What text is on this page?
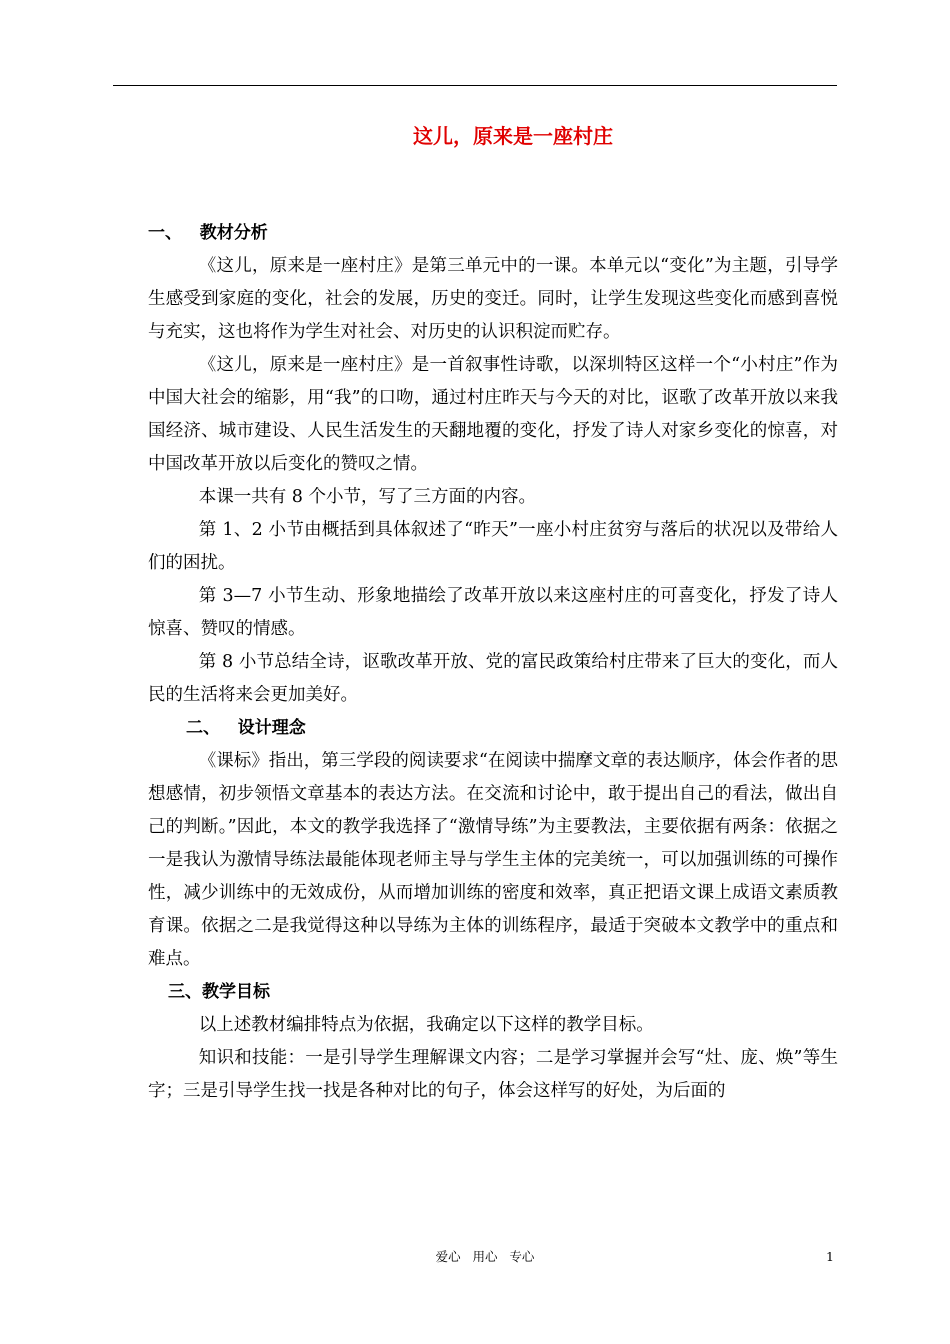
这儿，原来是一座村庄
一、   教材分析

《这儿，原来是一座村庄》是第三单元中的一课。本单元以“变化”为主题，引导学生感受到家庭的变化，社会的发展，历史的变迁。同时，让学生发现这些变化而感到喜悦与充实，这也将作为学生对社会、对历史的认识积淀而贮存。

《这儿，原来是一座村庄》是一首叙事性诗歌，以深圳特区这样一个“小村庄”作为中国大社会的缩影，用“我”的口吻，通过村庄昨天与今天的对比，讴歌了改革开放以来我国经济、城市建设、人民生活发生的天翻地覆的变化，抒发了诗人对家乡变化的惊喜，对中国改革开放以后变化的赞叹之情。

本课一共有 8 个小节，写了三方面的内容。

第 1、2 小节由概括到具体叙述了“昨天”一座小村庄贫穷与落后的状况以及带给人们的困扰。

第 3—7 小节生动、形象地描绘了改革开放以来这座村庄的可喜变化，抒发了诗人惊喜、赞叹的情感。

第 8 小节总结全诗，讴歌改革开放、党的富民政策给村庄带来了巨大的变化，而人民的生活将来会更加美好。

二、   设计理念

《课标》指出，第三学段的阅读要求“在阅读中揣摩文章的表达顺序，体会作者的思想感情，初步领悟文章基本的表达方法。在交流和讨论中，敢于提出自己的看法，做出自己的判断。”因此，本文的教学我选择了“激情导练”为主要教法，主要依据有两条：依据之一是我认为激情导练法最能体现老师主导与学生主体的完美统一，可以加强训练的可操作性，减少训练中的无效成份，从而增加训练的密度和效率，真正把语文课上成语文素质教育课。依据之二是我觉得这种以导练为主体的训练程序，最适于突破本文教学中的重点和难点。

三、教学目标

以上述教材编排特点为依据，我确定以下这样的教学目标。

知识和技能：一是引导学生理解课文内容；二是学习掌握并会写“灶、庞、焕”等生字；三是引导学生找一找是各种对比的句子，体会这样写的好处，为后面的

爱心   用心   专心	1
